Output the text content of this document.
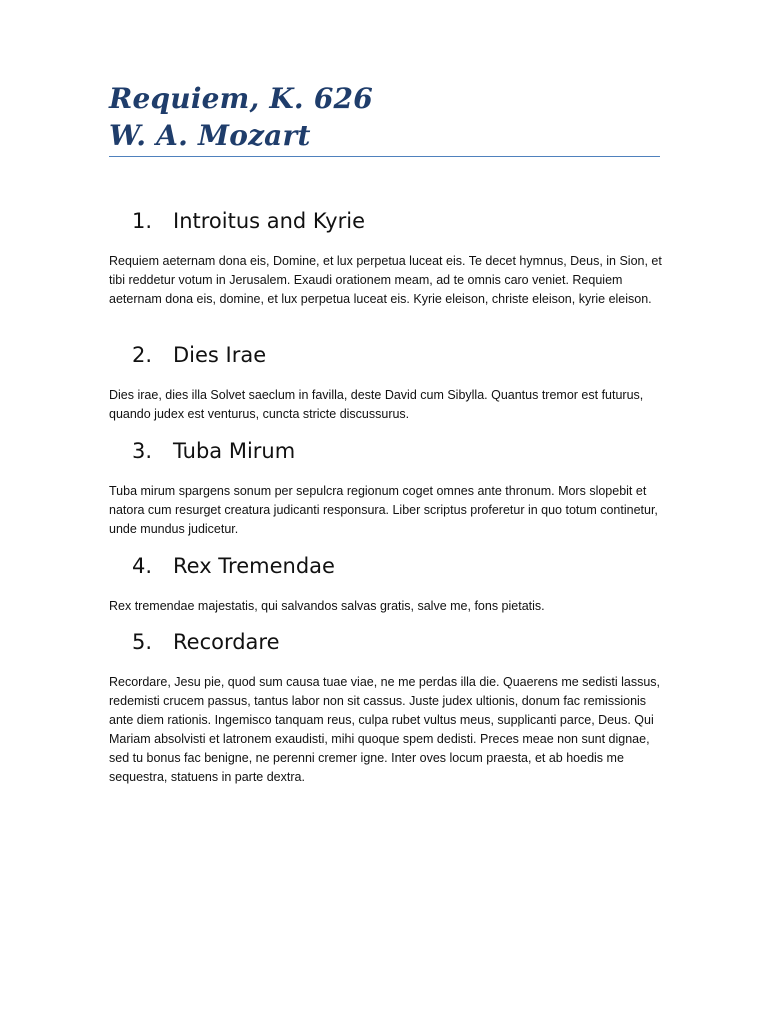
Requiem, K. 626
W. A. Mozart
1. Introitus and Kyrie
Requiem aeternam dona eis, Domine, et lux perpetua luceat eis. Te decet hymnus, Deus, in Sion, et tibi reddetur votum in Jerusalem. Exaudi orationem meam, ad te omnis caro veniet. Requiem aeternam dona eis, domine, et lux perpetua luceat eis. Kyrie eleison, christe eleison, kyrie eleison.
2. Dies Irae
Dies irae, dies illa Solvet saeclum in favilla, deste David cum Sibylla. Quantus tremor est futurus, quando judex est venturus, cuncta stricte discussurus.
3. Tuba Mirum
Tuba mirum spargens sonum per sepulcra regionum coget omnes ante thronum. Mors slopebit et natora cum resurget creatura judicanti responsura. Liber scriptus proferetur in quo totum continetur, unde mundus judicetur.
4. Rex Tremendae
Rex tremendae majestatis, qui salvandos salvas gratis, salve me, fons pietatis.
5. Recordare
Recordare, Jesu pie, quod sum causa tuae viae, ne me perdas illa die. Quaerens me sedisti lassus, redemisti crucem passus, tantus labor non sit cassus. Juste judex ultionis, donum fac remissionis ante diem rationis. Ingemisco tanquam reus, culpa rubet vultus meus, supplicanti parce, Deus. Qui Mariam absolvisti et latronem exaudisti, mihi quoque spem dedisti. Preces meae non sunt dignae, sed tu bonus fac benigne, ne perenni cremer igne. Inter oves locum praesta, et ab hoedis me sequestra, statuens in parte dextra.
